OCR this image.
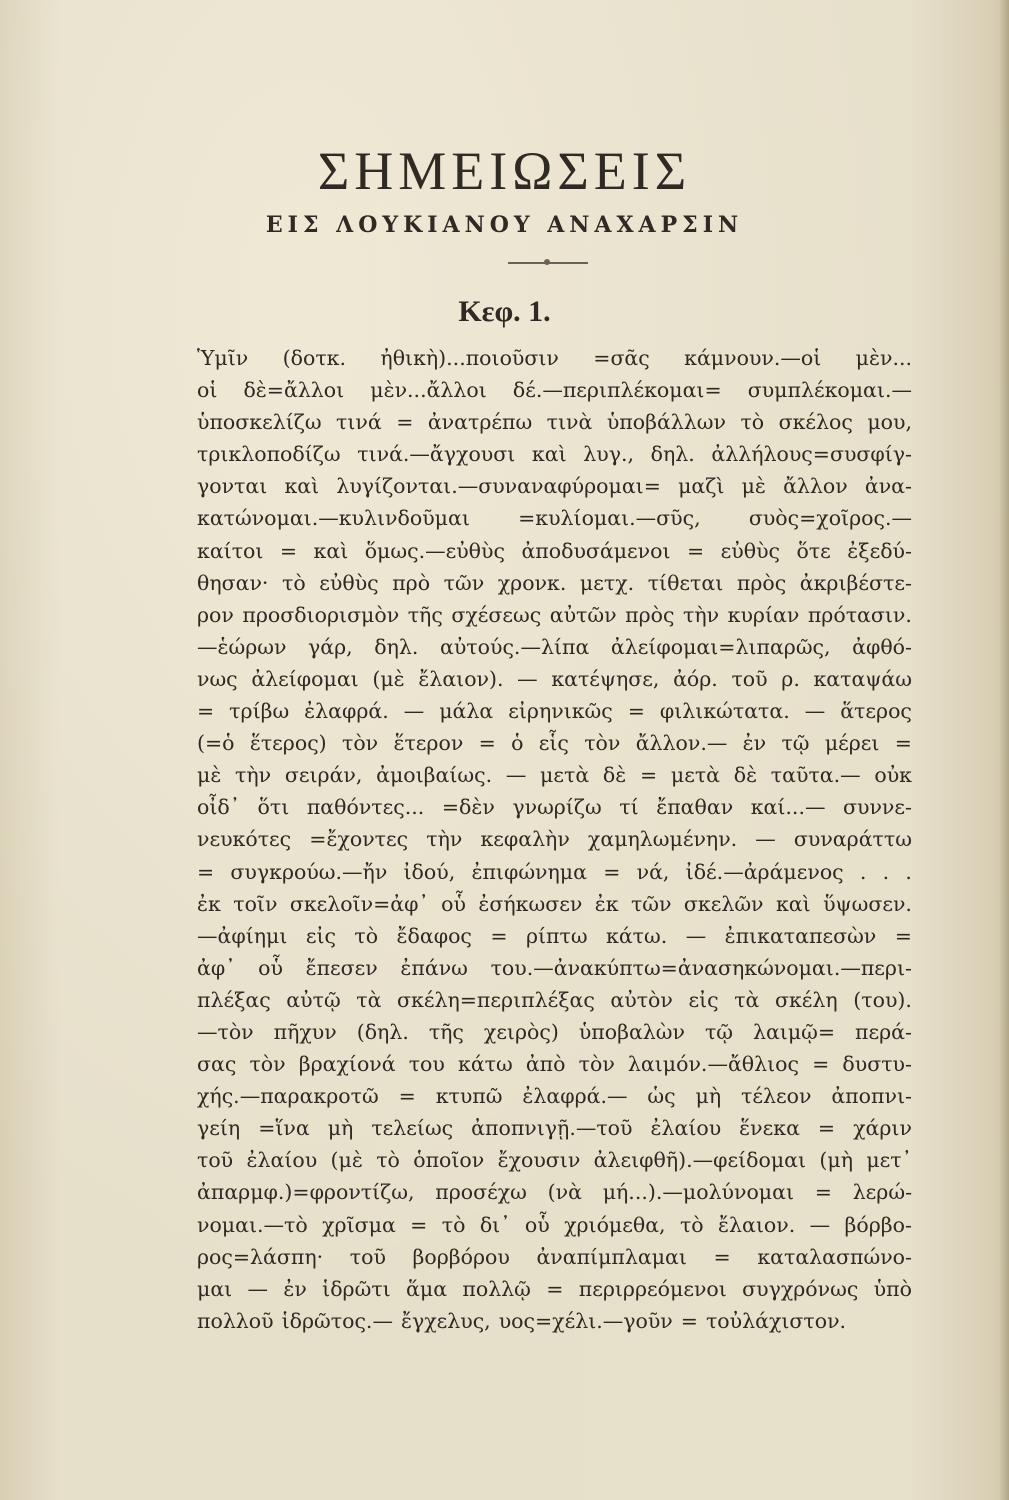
ΣΗΜΕΙΩΣΕΙΣ
ΕΙΣ ΛΟΥΚΙΑΝΟΥ ΑΝΑΧΑΡΣΙΝ
Κεφ. 1.
Ὑμῖν (δοτκ. ἠθικὴ)...ποιοῦσιν =σᾶς κάμνουν.—οἱ μὲν...
οἱ δὲ=ἄλλοι μὲν...ἄλλοι δέ.—περιπλέκομαι= συμπλέκομαι.—
ὑποσκελίζω τινά = ἀνατρέπω τινὰ ὑποβάλλων τὸ σκέλος μου,
τρικλοποδίζω τινά.—ἄγχουσι καὶ λυγ., δηλ. ἀλλήλους=συσφίγ-
γονται καὶ λυγίζονται.—συναναφύρομαι= μαζὶ μὲ ἄλλον ἀνα-
κατώνομαι.—κυλινδοῦμαι =κυλίομαι.—σῦς, συὸς=χοῖρος.—
καίτοι = καὶ ὅμως.—εὐθὺς ἀποδυσάμενοι = εὐθὺς ὅτε ἐξεδύ-
θησαν· τὸ εὐθὺς πρὸ τῶν χρονκ. μετχ. τίθεται πρὸς ἀκριβέστε-
ρον προσδιορισμὸν τῆς σχέσεως αὐτῶν πρὸς τὴν κυρίαν πρότασιν.
—ἑώρων γάρ, δηλ. αὐτούς.—λίπα ἀλείφομαι=λιπαρῶς, ἀφθό-
νως ἀλείφομαι (μὲ ἔλαιον). — κατέψησε, ἀόρ. τοῦ ρ. καταψάω
= τρίβω ἐλαφρά. — μάλα εἰρηνικῶς = φιλικώτατα. — ἅτερος
(=ὁ ἕτερος) τὸν ἕτερον = ὁ εἷς τὸν ἄλλον.— ἐν τῷ μέρει =
μὲ τὴν σειράν, ἀμοιβαίως. — μετὰ δὲ = μετὰ δὲ ταῦτα.— οὐκ
οἶδ᾽ ὅτι παθόντες... =δὲν γνωρίζω τί ἔπαθαν καί...— συννε-
νευκότες =ἔχοντες τὴν κεφαλὴν χαμηλωμένην. — συναράττω
= συγκρούω.—ἤν ἰδού, ἐπιφώνημα = νά, ἰδέ.—ἀράμενος . . .
ἐκ τοῖν σκελοῖν=ἀφ᾽ οὗ ἐσήκωσεν ἐκ τῶν σκελῶν καὶ ὕψωσεν.
—ἀφίημι εἰς τὸ ἔδαφος = ρίπτω κάτω. — ἐπικαταπεσὼν =
ἀφ᾽ οὗ ἔπεσεν ἐπάνω του.—ἀνακύπτω=ἀνασηκώνομαι.—περι-
πλέξας αὐτῷ τὰ σκέλη=περιπλέξας αὐτὸν εἰς τὰ σκέλη (του).
—τὸν πῆχυν (δηλ. τῆς χειρὸς) ὑποβαλὼν τῷ λαιμῷ= περά-
σας τὸν βραχίονά του κάτω ἀπὸ τὸν λαιμόν.—ἄθλιος = δυστυ-
χής.—παρακροτῶ = κτυπῶ ἐλαφρά.— ὡς μὴ τέλεον ἀποπνι-
γείη =ἵνα μὴ τελείως ἀποπνιγῇ.—τοῦ ἐλαίου ἕνεκα = χάριν
τοῦ ἐλαίου (μὲ τὸ ὁποῖον ἔχουσιν ἀλειφθῆ).—φείδομαι (μὴ μετ᾽
ἀπαρμφ.)=φροντίζω, προσέχω (νὰ μή...).—μολύνομαι = λερώ-
νομαι.—τὸ χρῖσμα = τὸ δι᾽ οὗ χριόμεθα, τὸ ἔλαιον. — βόρβο-
ρος=λάσπη· τοῦ βορβόρου ἀναπίμπλαμαι = καταλασπώνο-
μαι — ἐν ἱδρῶτι ἅμα πολλῷ = περιρρεόμενοι συγχρόνως ὑπὸ
πολλοῦ ἱδρῶτος.— ἔγχελυς, υος=χέλι.—γοῦν = τοὐλάχιστον.
